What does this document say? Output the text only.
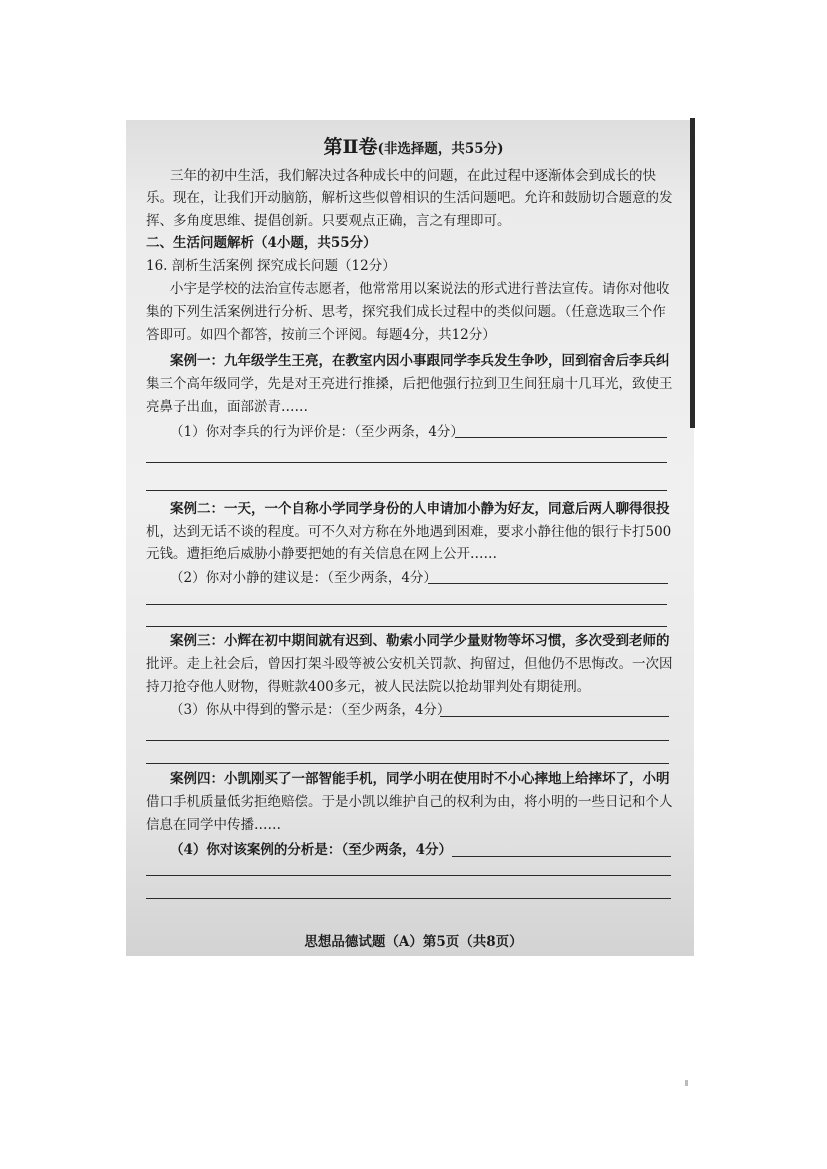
第Ⅱ卷(非选择题，共55分)
三年的初中生活，我们解决过各种成长中的问题，在此过程中逐渐体会到成长的快
乐。现在，让我们开动脑筋，解析这些似曾相识的生活问题吧。允许和鼓励切合题意的发
挥、多角度思维、提倡创新。只要观点正确，言之有理即可。
二、生活问题解析（4小题，共55分）
16. 剖析生活案例 探究成长问题（12分）
小宇是学校的法治宣传志愿者，他常常用以案说法的形式进行普法宣传。请你对他收
集的下列生活案例进行分析、思考，探究我们成长过程中的类似问题。（任意选取三个作
答即可。如四个都答，按前三个评阅。每题4分，共12分）
案例一：九年级学生王亮，在教室内因小事跟同学李兵发生争吵，回到宿舍后李兵纠
集三个高年级同学，先是对王亮进行推搡，后把他强行拉到卫生间狂扇十几耳光，致使王
亮鼻子出血，面部淤青……
（1）你对李兵的行为评价是：（至少两条，4分）
案例二：一天，一个自称小学同学身份的人申请加小静为好友，同意后两人聊得很投
机，达到无话不谈的程度。可不久对方称在外地遇到困难，要求小静往他的银行卡打500
元钱。遭拒绝后威胁小静要把她的有关信息在网上公开……
（2）你对小静的建议是：（至少两条，4分）
案例三：小辉在初中期间就有迟到、勒索小同学少量财物等坏习惯，多次受到老师的
批评。走上社会后，曾因打架斗殴等被公安机关罚款、拘留过，但他仍不思悔改。一次因
持刀抢夺他人财物，得赃款400多元，被人民法院以抢劫罪判处有期徒刑。
（3）你从中得到的警示是：（至少两条，4分）
案例四：小凯刚买了一部智能手机，同学小明在使用时不小心摔地上给摔坏了，小明
借口手机质量低劣拒绝赔偿。于是小凯以维护自己的权利为由，将小明的一些日记和个人
信息在同学中传播……
（4）你对该案例的分析是：（至少两条，4分）
思想品德试题（A）第5页（共8页）
